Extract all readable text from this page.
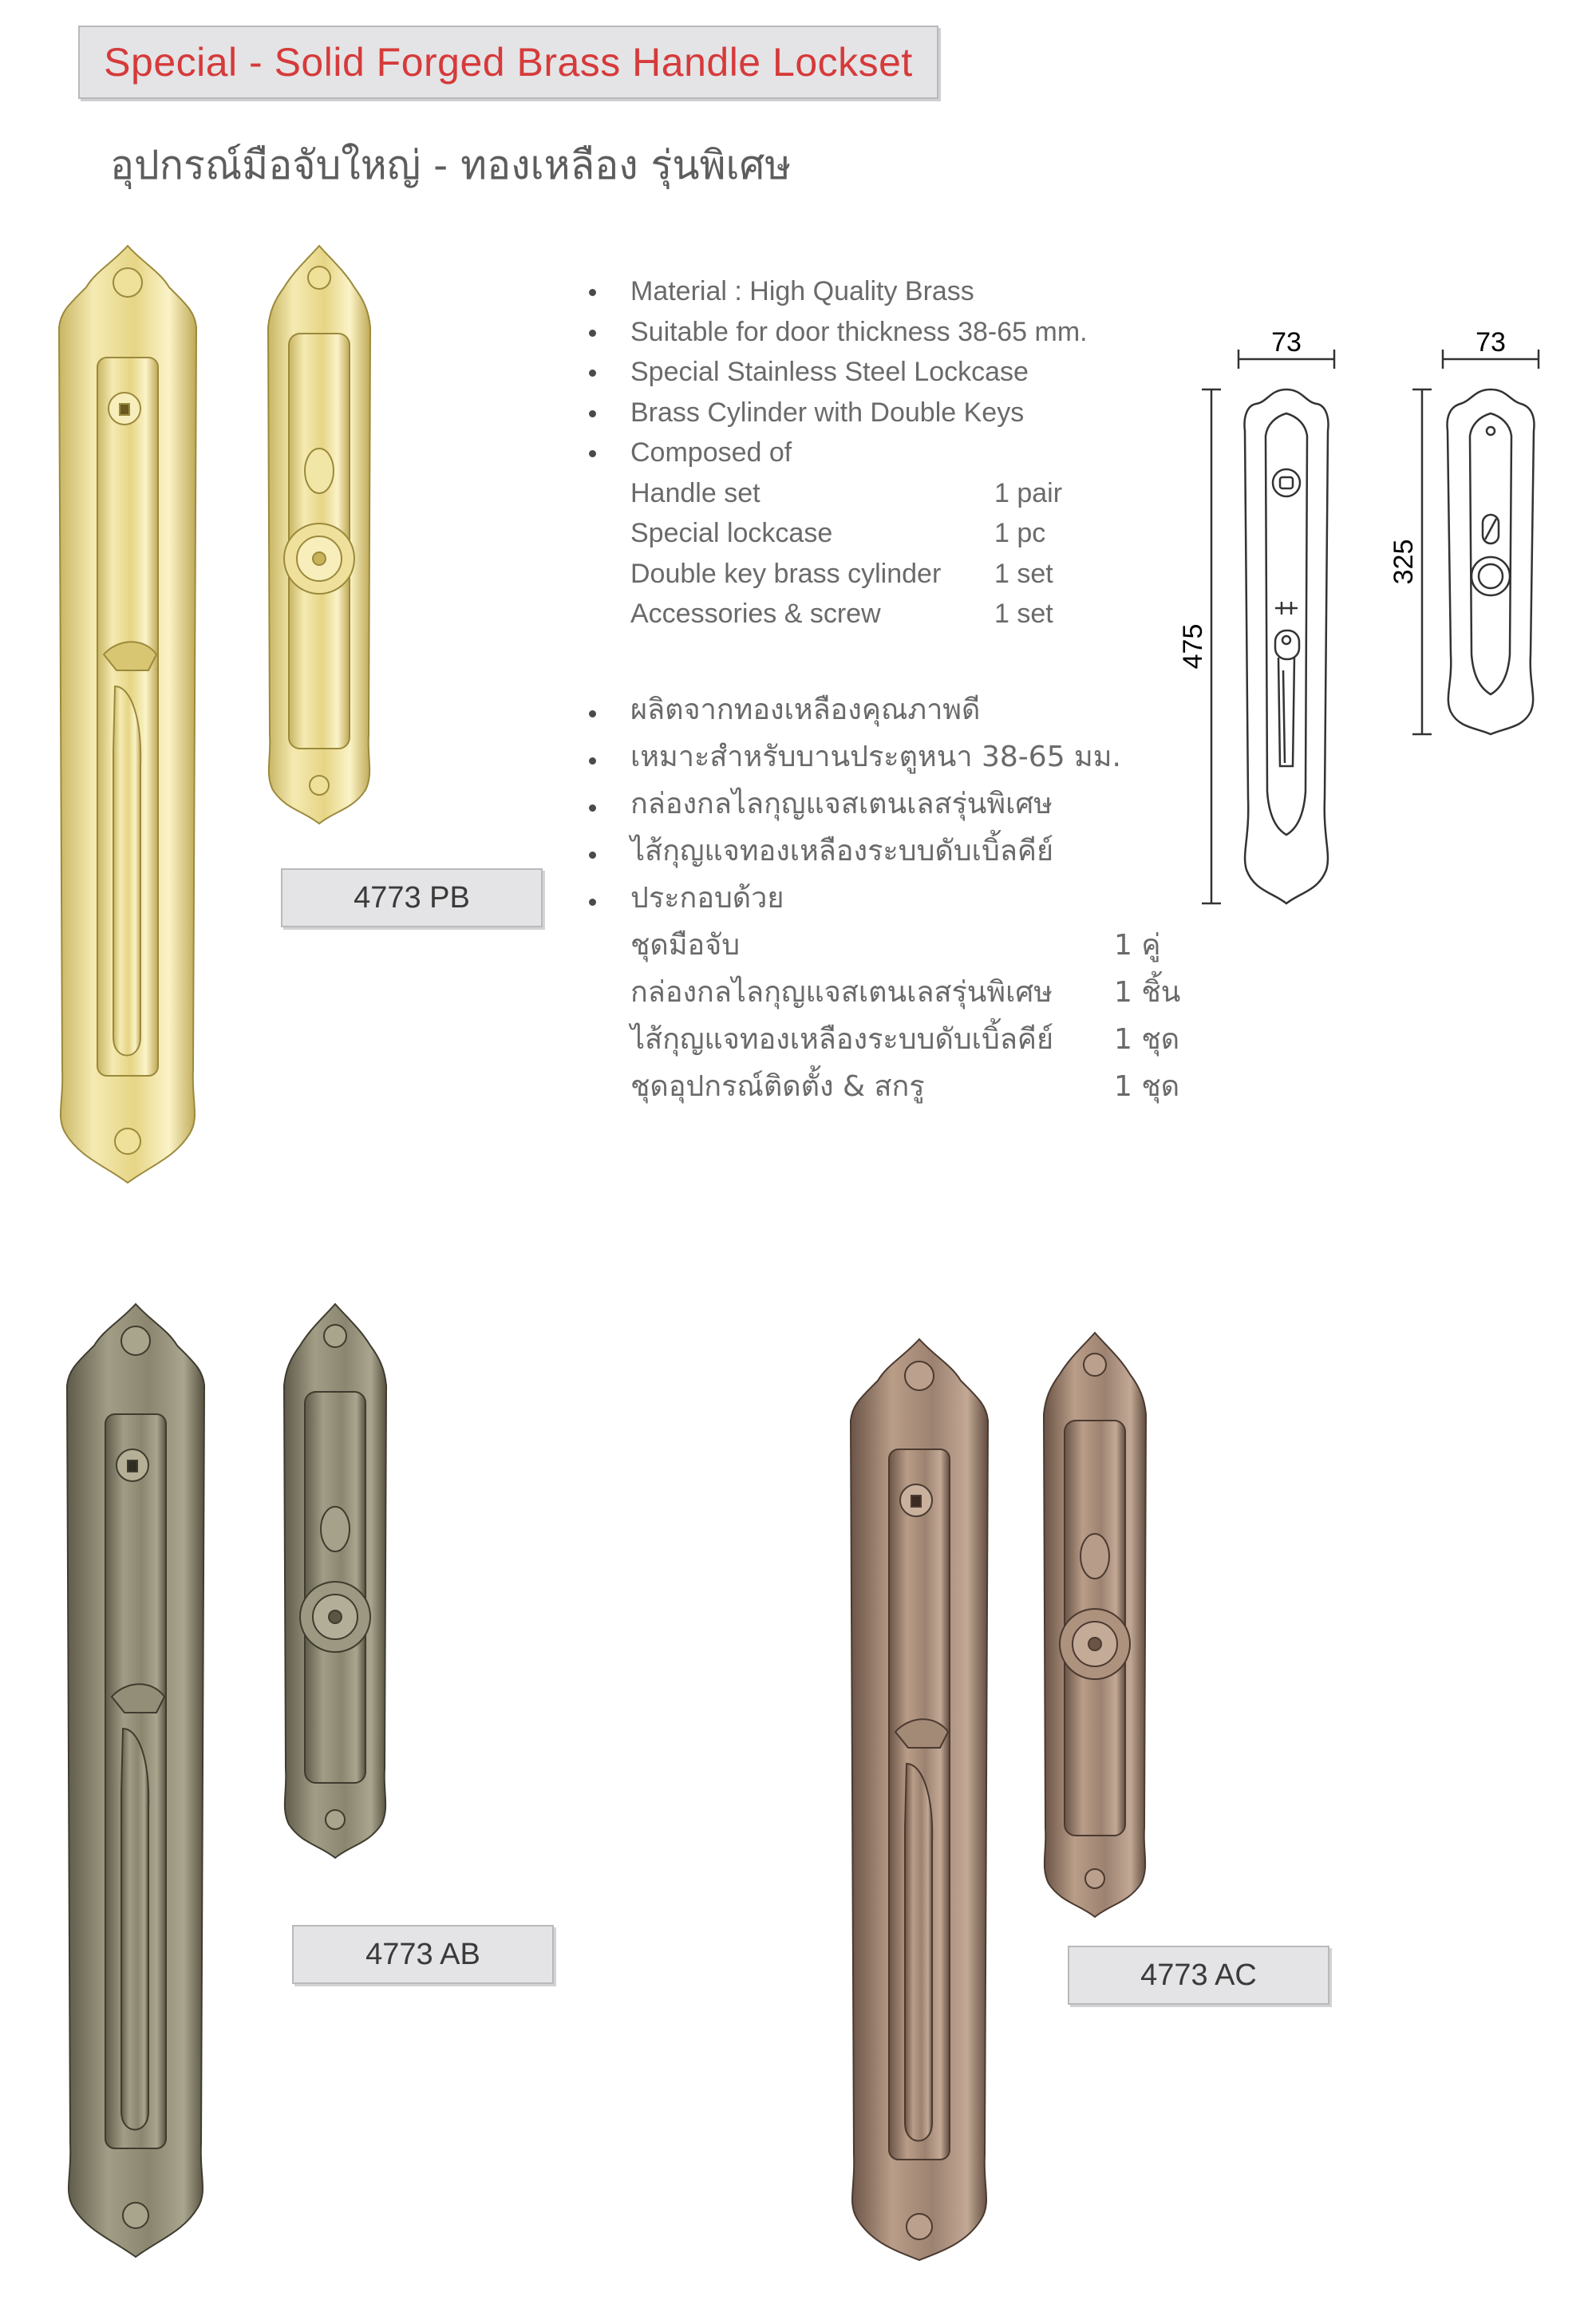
Special - Solid Forged Brass Handle Lockset
อุปกรณ์มือจับใหญ่ - ทองเหลือง รุ่นพิเศษ
Material : High Quality Brass
Suitable for door thickness 38-65 mm.
Special Stainless Steel Lockcase
Brass Cylinder with Double Keys
Composed of
Handle set	1 pair
Special lockcase	1 pc
Double key brass cylinder 1 set
Accessories & screw	1 set
ผลิตจากทองเหลืองคุณภาพดี
เหมาะสำหรับบานประตูหนา 38-65 มม.
กล่องกลไลกุญแจสเตนเลสรุ่นพิเศษ
ไส้กุญแจทองเหลืองระบบดับเบิ้ลคีย์
ประกอบด้วย
ชุดมือจับ	1 คู่
กล่องกลไลกุญแจสเตนเลสรุ่นพิเศษ 1 ชิ้น
ไส้กุญแจทองเหลืองระบบดับเบิ้ลคีย์ 1 ชุด
ชุดอุปกรณ์ติดตั้ง & สกรู	1 ชุด
73
475
73
325
4773 PB
4773 AB
4773 AC
